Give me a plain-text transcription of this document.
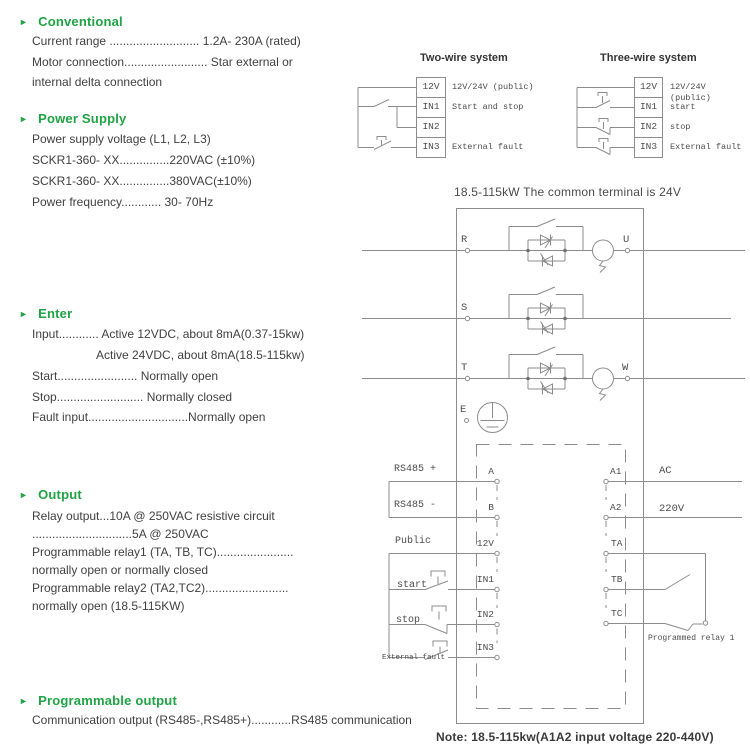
► Conventional
Current range ........................... 1.2A- 230A (rated)
Motor connection......................... Star external or
internal delta connection
► Power Supply
Power supply voltage (L1, L2, L3)
SCKR1-360- XX...............220VAC (±10%)
SCKR1-360- XX...............380VAC(±10%)
Power frequency............ 30- 70Hz
► Enter
Input............ Active 12VDC, about 8mA(0.37-15kw)
Active 24VDC, about 8mA(18.5-115kw)
Start........................ Normally open
Stop.......................... Normally closed
Fault input..............................Normally open
► Output
Relay output...10A @ 250VAC resistive circuit
..............................5A @ 250VAC
Programmable relay1 (TA, TB, TC).......................
normally open or normally closed
Programmable relay2 (TA2,TC2).........................
normally open (18.5-115KW)
► Programmable output
Communication output (RS485-,RS485+)............RS485 communication
Two-wire system
12V
IN1
IN2
IN3
12V/24V (public)
Start and stop
External fault
Three-wire system
12V
IN1
IN2
IN3
12V/24V (public)
start
stop
External fault
18.5-115kW The common terminal is 24V
R
S
T
E
U
W
A
B
12V
IN1
IN2
IN3
RS485 +
RS485 -
Public
start
stop
External fault
A1
A2
TA
TB
TC
AC
220V
Programmed relay 1
Note: 18.5-115kw(A1A2 input voltage 220-440V)
